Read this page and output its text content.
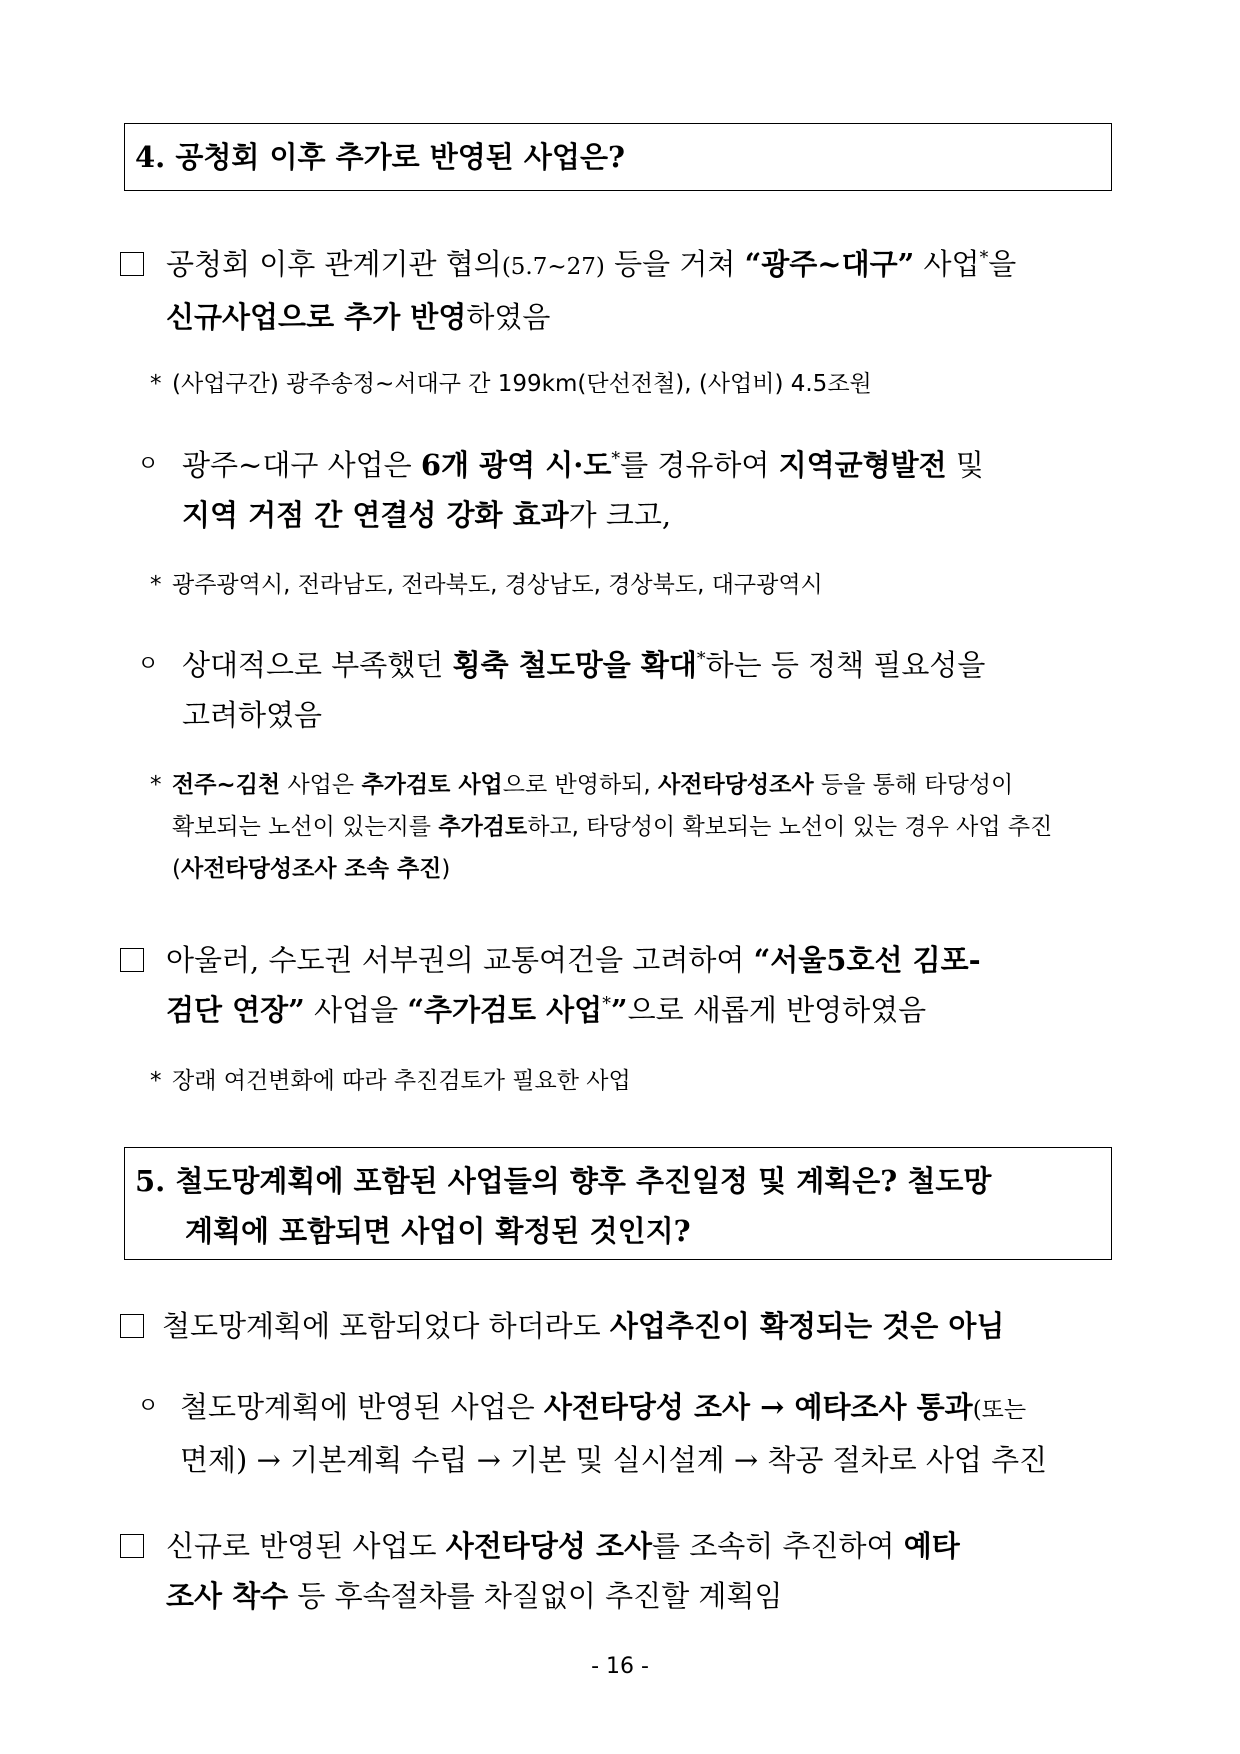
4. 공청회 이후 추가로 반영된 사업은?
공청회 이후 관계기관 협의(5.7~27) 등을 거쳐 “광주~대구” 사업*을
신규사업으로 추가 반영하였음
* (사업구간) 광주송정~서대구 간 199km(단선전철), (사업비) 4.5조원
ㅇ 광주~대구 사업은 6개 광역 시·도*를 경유하여 지역균형발전 및
지역 거점 간 연결성 강화 효과가 크고,
* 광주광역시, 전라남도, 전라북도, 경상남도, 경상북도, 대구광역시
ㅇ 상대적으로 부족했던 횡축 철도망을 확대*하는 등 정책 필요성을
고려하였음
* 전주~김천 사업은 추가검토 사업으로 반영하되, 사전타당성조사 등을 통해 타당성이
확보되는 노선이 있는지를 추가검토하고, 타당성이 확보되는 노선이 있는 경우 사업 추진
(사전타당성조사 조속 추진)
아울러, 수도권 서부권의 교통여건을 고려하여 “서울5호선 김포-
검단 연장” 사업을 “추가검토 사업*”으로 새롭게 반영하였음
* 장래 여건변화에 따라 추진검토가 필요한 사업
5. 철도망계획에 포함된 사업들의 향후 추진일정 및 계획은? 철도망

계획에 포함되면 사업이 확정된 것인지?
철도망계획에 포함되었다 하더라도 사업추진이 확정되는 것은 아님
ㅇ 철도망계획에 반영된 사업은 사전타당성 조사 → 예타조사 통과(또는
면제) → 기본계획 수립 → 기본 및 실시설계 → 착공 절차로 사업 추진
신규로 반영된 사업도 사전타당성 조사를 조속히 추진하여 예타
조사 착수 등 후속절차를 차질없이 추진할 계획임
- 16 -
